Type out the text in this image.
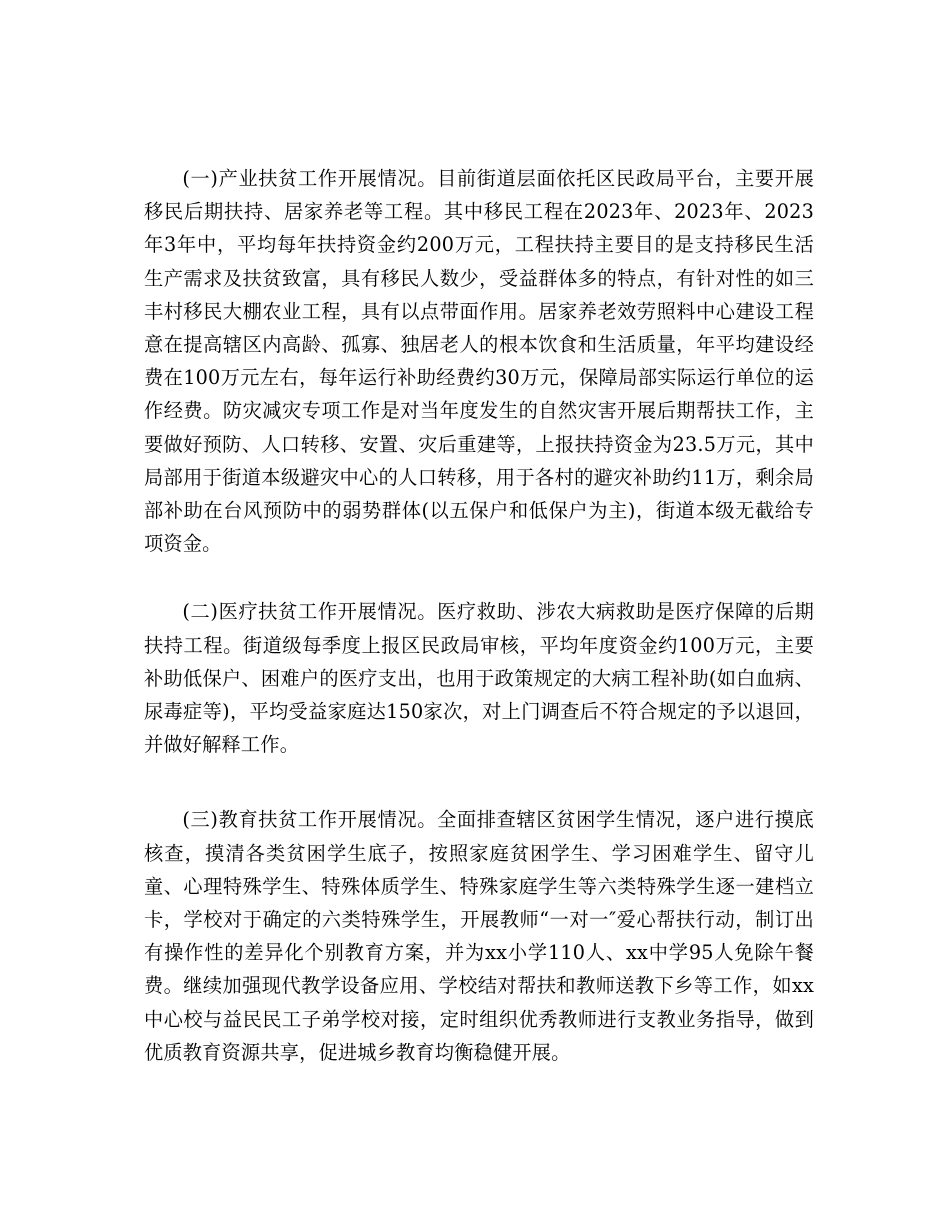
(一)产业扶贫工作开展情况。目前街道层面依托区民政局平台，主要开展移民后期扶持、居家养老等工程。其中移民工程在2023年、2023年、2023年3年中，平均每年扶持资金约200万元，工程扶持主要目的是支持移民生活生产需求及扶贫致富，具有移民人数少，受益群体多的特点，有针对性的如三丰村移民大棚农业工程，具有以点带面作用。居家养老效劳照料中心建设工程意在提高辖区内高龄、孤寡、独居老人的根本饮食和生活质量，年平均建设经费在100万元左右，每年运行补助经费约30万元，保障局部实际运行单位的运作经费。防灾减灾专项工作是对当年度发生的自然灾害开展后期帮扶工作，主要做好预防、人口转移、安置、灾后重建等，上报扶持资金为23.5万元，其中局部用于街道本级避灾中心的人口转移，用于各村的避灾补助约11万，剩余局部补助在台风预防中的弱势群体(以五保户和低保户为主)，街道本级无截给专项资金。

(二)医疗扶贫工作开展情况。医疗救助、涉农大病救助是医疗保障的后期扶持工程。街道级每季度上报区民政局审核，平均年度资金约100万元，主要补助低保户、困难户的医疗支出，也用于政策规定的大病工程补助(如白血病、尿毒症等)，平均受益家庭达150家次，对上门调查后不符合规定的予以退回，并做好解释工作。

(三)教育扶贫工作开展情况。全面排查辖区贫困学生情况，逐户进行摸底核查，摸清各类贫困学生底子，按照家庭贫困学生、学习困难学生、留守儿童、心理特殊学生、特殊体质学生、特殊家庭学生等六类特殊学生逐一建档立卡，学校对于确定的六类特殊学生，开展教师“一对一″爱心帮扶行动，制订出有操作性的差异化个别教育方案，并为xx小学110人、xx中学95人免除午餐费。继续加强现代教学设备应用、学校结对帮扶和教师送教下乡等工作，如xx中心校与益民民工子弟学校对接，定时组织优秀教师进行支教业务指导，做到优质教育资源共享，促进城乡教育均衡稳健开展。
